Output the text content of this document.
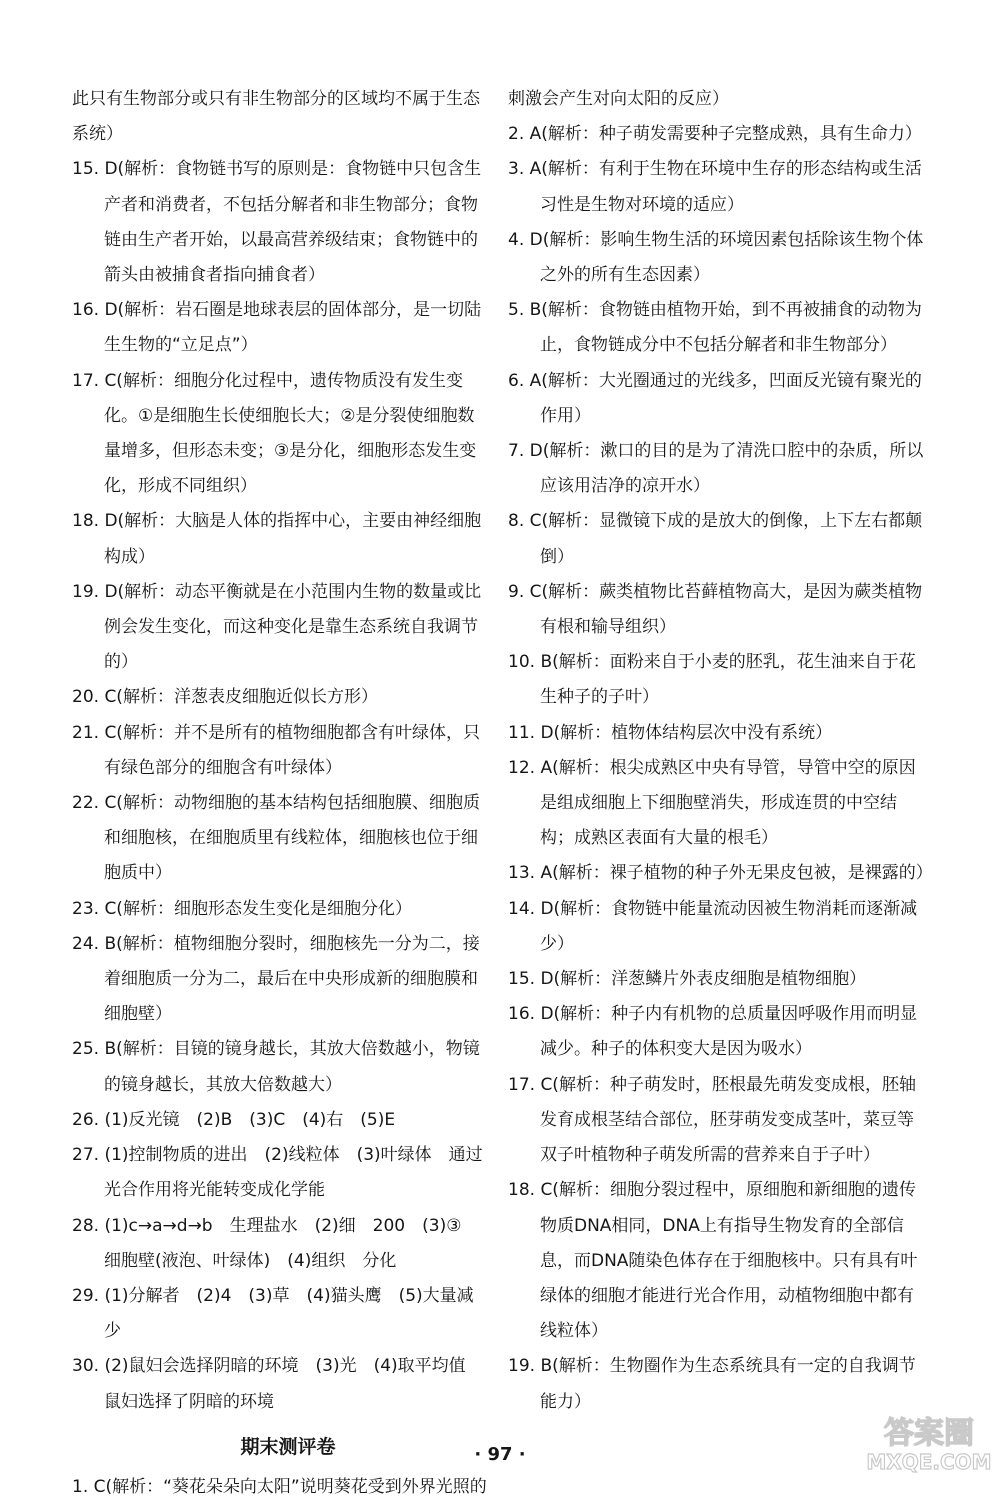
此只有生物部分或只有非生物部分的区域均不属于生态系统）
15. D(解析：食物链书写的原则是：食物链中只包含生产者和消费者，不包括分解者和非生物部分；食物链由生产者开始，以最高营养级结束；食物链中的箭头由被捕食者指向捕食者）
16. D(解析：岩石圈是地球表层的固体部分，是一切陆生生物的“立足点”）
17. C(解析：细胞分化过程中，遗传物质没有发生变化。①是细胞生长使细胞长大；②是分裂使细胞数量增多，但形态未变；③是分化，细胞形态发生变化，形成不同组织）
18. D(解析：大脑是人体的指挥中心，主要由神经细胞构成）
19. D(解析：动态平衡就是在小范围内生物的数量或比例会发生变化，而这种变化是靠生态系统自我调节的）
20. C(解析：洋葱表皮细胞近似长方形）
21. C(解析：并不是所有的植物细胞都含有叶绿体，只有绿色部分的细胞含有叶绿体）
22. C(解析：动物细胞的基本结构包括细胞膜、细胞质和细胞核，在细胞质里有线粒体，细胞核也位于细胞质中）
23. C(解析：细胞形态发生变化是细胞分化）
24. B(解析：植物细胞分裂时，细胞核先一分为二，接着细胞质一分为二，最后在中央形成新的细胞膜和细胞壁）
25. B(解析：目镜的镜身越长，其放大倍数越小，物镜的镜身越长，其放大倍数越大）
26. (1)反光镜　(2)B　(3)C　(4)右　(5)E
27. (1)控制物质的进出　(2)线粒体　(3)叶绿体　通过光合作用将光能转变成化学能
28. (1)c→a→d→b　生理盐水　(2)细　200　(3)③　细胞壁(液泡、叶绿体)　(4)组织　分化
29. (1)分解者　(2)4　(3)草　(4)猫头鹰　(5)大量减少
30. (2)鼠妇会选择阴暗的环境　(3)光　(4)取平均值　鼠妇选择了阴暗的环境
期末测评卷
1. C(解析：“葵花朵朵向太阳”说明葵花受到外界光照的
刺激会产生对向太阳的反应）
2. A(解析：种子萌发需要种子完整成熟，具有生命力）
3. A(解析：有利于生物在环境中生存的形态结构或生活习性是生物对环境的适应）
4. D(解析：影响生物生活的环境因素包括除该生物个体之外的所有生态因素）
5. B(解析：食物链由植物开始，到不再被捕食的动物为止，食物链成分中不包括分解者和非生物部分）
6. A(解析：大光圈通过的光线多，凹面反光镜有聚光的作用）
7. D(解析：漱口的目的是为了清洗口腔中的杂质，所以应该用洁净的凉开水）
8. C(解析：显微镜下成的是放大的倒像，上下左右都颠倒）
9. C(解析：蕨类植物比苔藓植物高大，是因为蕨类植物有根和输导组织）
10. B(解析：面粉来自于小麦的胚乳，花生油来自于花生种子的子叶）
11. D(解析：植物体结构层次中没有系统）
12. A(解析：根尖成熟区中央有导管，导管中空的原因是组成细胞上下细胞壁消失，形成连贯的中空结构；成熟区表面有大量的根毛）
13. A(解析：裸子植物的种子外无果皮包被，是裸露的）
14. D(解析：食物链中能量流动因被生物消耗而逐渐减少）
15. D(解析：洋葱鳞片外表皮细胞是植物细胞）
16. D(解析：种子内有机物的总质量因呼吸作用而明显减少。种子的体积变大是因为吸水）
17. C(解析：种子萌发时，胚根最先萌发变成根，胚轴发育成根茎结合部位，胚芽萌发变成茎叶，菜豆等双子叶植物种子萌发所需的营养来自于子叶）
18. C(解析：细胞分裂过程中，原细胞和新细胞的遗传物质DNA相同，DNA上有指导生物发育的全部信息，而DNA随染色体存在于细胞核中。只有具有叶绿体的细胞才能进行光合作用，动植物细胞中都有线粒体）
19. B(解析：生物圈作为生态系统具有一定的自我调节能力）
· 97 ·
答案圈
MXQE.COM
